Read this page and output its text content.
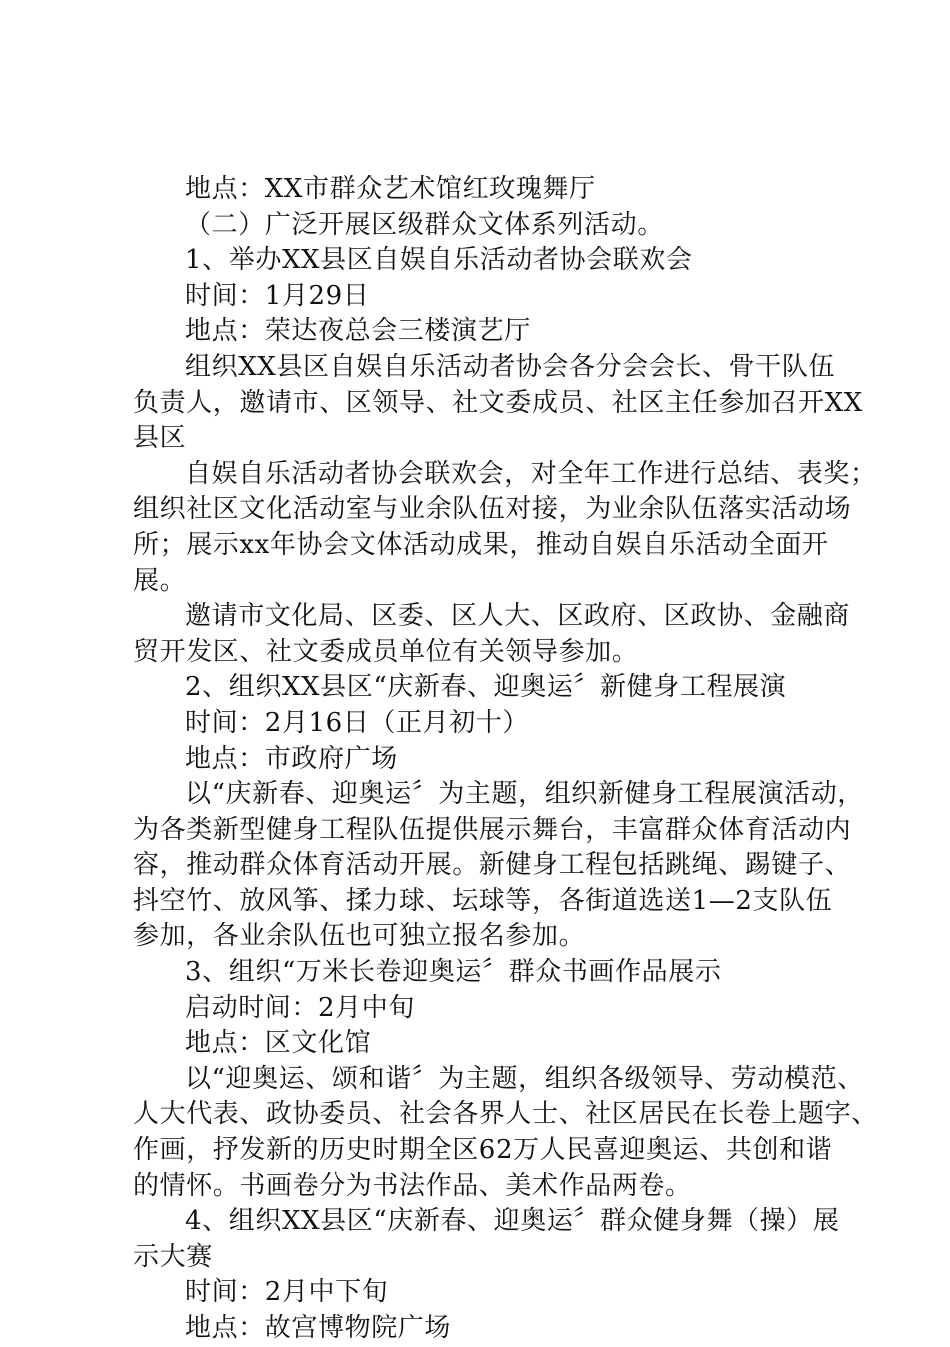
地点：XX市群众艺术馆红玫瑰舞厅
（二）广泛开展区级群众文体系列活动。
1、举办XX县区自娱自乐活动者协会联欢会
时间：1月29日
地点：荣达夜总会三楼演艺厅
组织XX县区自娱自乐活动者协会各分会会长、骨干队伍
负责人，邀请市、区领导、社文委成员、社区主任参加召开XX
县区
自娱自乐活动者协会联欢会，对全年工作进行总结、表奖；
组织社区文化活动室与业余队伍对接，为业余队伍落实活动场
所；展示xx年协会文体活动成果，推动自娱自乐活动全面开
展。
邀请市文化局、区委、区人大、区政府、区政协、金融商
贸开发区、社文委成员单位有关领导参加。
2、组织XX县区“庆新春、迎奥运〞新健身工程展演
时间：2月16日（正月初十）
地点：市政府广场
以“庆新春、迎奥运〞为主题，组织新健身工程展演活动，
为各类新型健身工程队伍提供展示舞台，丰富群众体育活动内
容，推动群众体育活动开展。新健身工程包括跳绳、踢键子、
抖空竹、放风筝、揉力球、坛球等，各街道选送1—2支队伍
参加，各业余队伍也可独立报名参加。
3、组织“万米长卷迎奥运〞群众书画作品展示
启动时间：2月中旬
地点：区文化馆
以“迎奥运、颂和谐〞为主题，组织各级领导、劳动模范、
人大代表、政协委员、社会各界人士、社区居民在长卷上题字、
作画，抒发新的历史时期全区62万人民喜迎奥运、共创和谐
的情怀。书画卷分为书法作品、美术作品两卷。
4、组织XX县区“庆新春、迎奥运〞群众健身舞（操）展
示大赛
时间：2月中下旬
地点：故宫博物院广场
